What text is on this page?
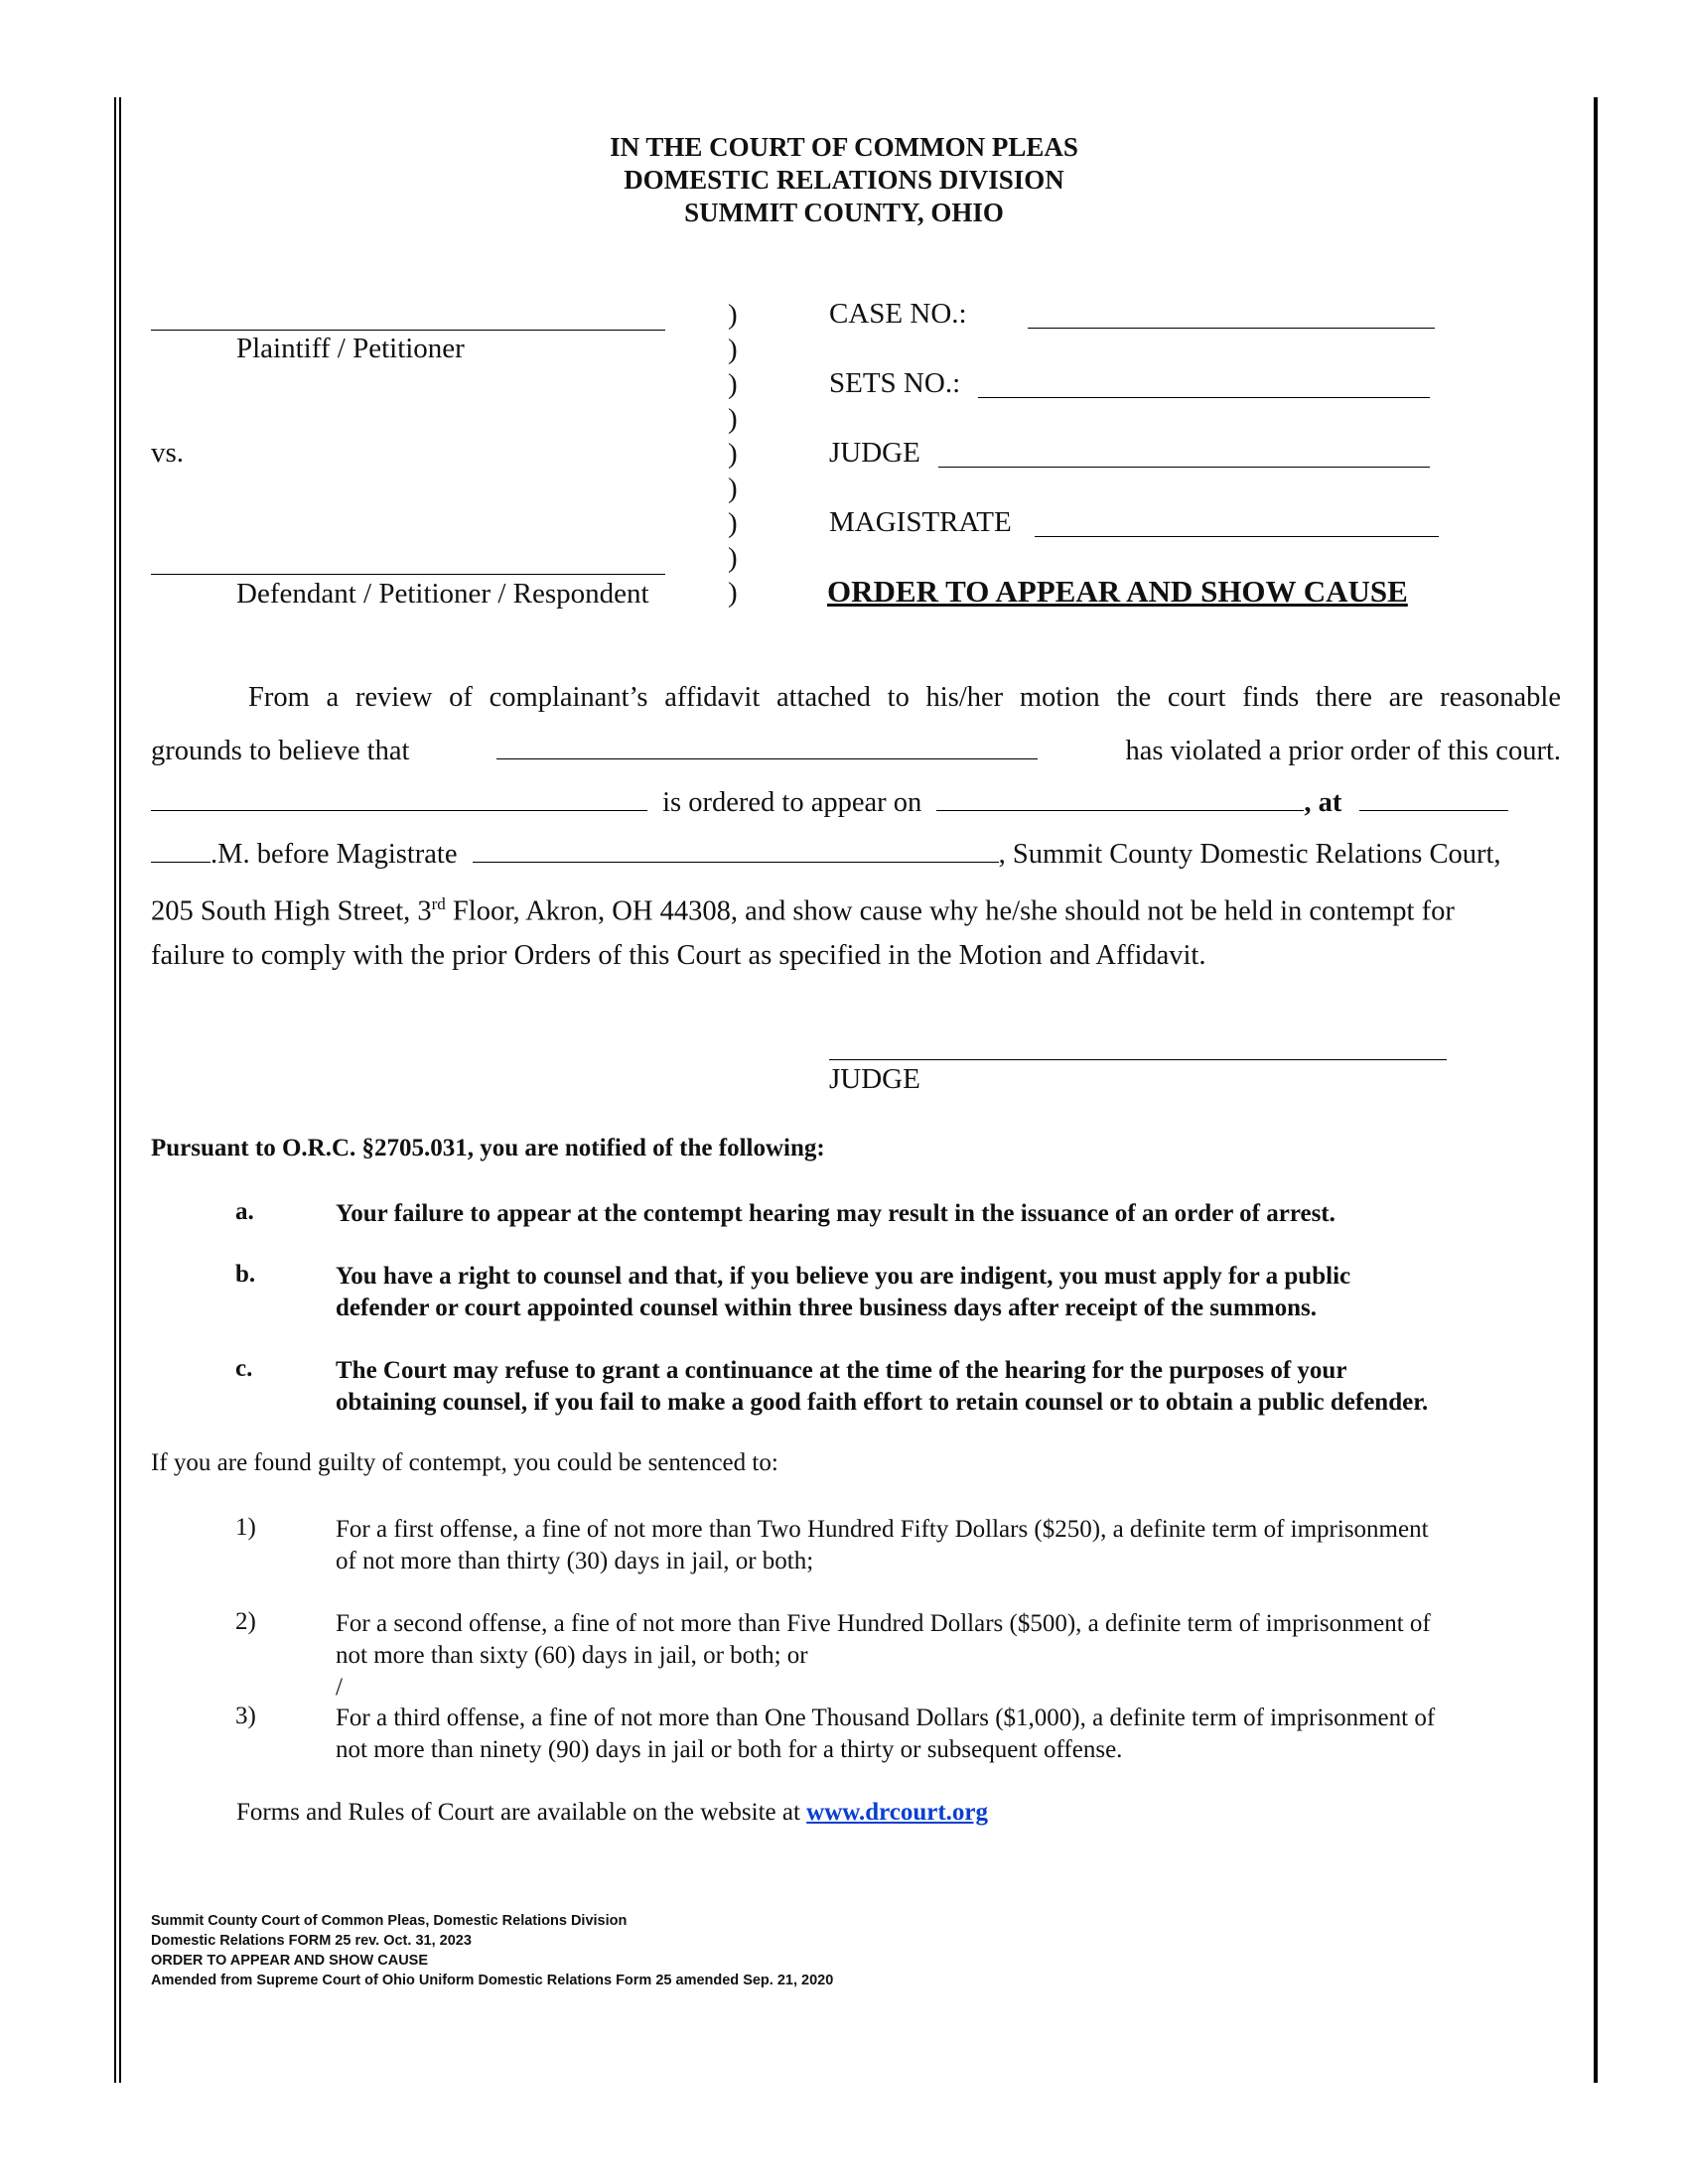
IN THE COURT OF COMMON PLEAS
DOMESTIC RELATIONS DIVISION
SUMMIT COUNTY, OHIO
Plaintiff / Petitioner
vs.
Defendant / Petitioner / Respondent
)
)
)
)
)
)
)
)
)
CASE NO.:
SETS NO.:
JUDGE
MAGISTRATE
ORDER TO APPEAR AND SHOW CAUSE
From a review of complainant’s affidavit attached to his/her motion the court finds there are reasonable
grounds to believe that	has violated a prior order of this court.
is ordered to appear on	, at
.M. before Magistrate	, Summit County Domestic Relations Court,
205 South High Street, 3rd Floor, Akron, OH 44308, and show cause why he/she should not be held in contempt for
failure to comply with the prior Orders of this Court as specified in the Motion and Affidavit.
JUDGE
Pursuant to O.R.C. §2705.031, you are notified of the following:
a.	Your failure to appear at the contempt hearing may result in the issuance of an order of arrest.
b.	You have a right to counsel and that, if you believe you are indigent, you must apply for a public
defender or court appointed counsel within three business days after receipt of the summons.
c.	The Court may refuse to grant a continuance at the time of the hearing for the purposes of your
obtaining counsel, if you fail to make a good faith effort to retain counsel or to obtain a public defender.
If you are found guilty of contempt, you could be sentenced to:
1)	For a first offense, a fine of not more than Two Hundred Fifty Dollars ($250), a definite term of imprisonment
of not more than thirty (30) days in jail, or both;
2)	For a second offense, a fine of not more than Five Hundred Dollars ($500), a definite term of imprisonment of
not more than sixty (60) days in jail, or both; or
/
3)	For a third offense, a fine of not more than One Thousand Dollars ($1,000), a definite term of imprisonment of
not more than ninety (90) days in jail or both for a thirty or subsequent offense.
Forms and Rules of Court are available on the website at www.drcourt.org
Summit County Court of Common Pleas, Domestic Relations Division
Domestic Relations FORM 25 rev. Oct. 31, 2023
ORDER TO APPEAR AND SHOW CAUSE
Amended from Supreme Court of Ohio Uniform Domestic Relations Form 25 amended Sep. 21, 2020
